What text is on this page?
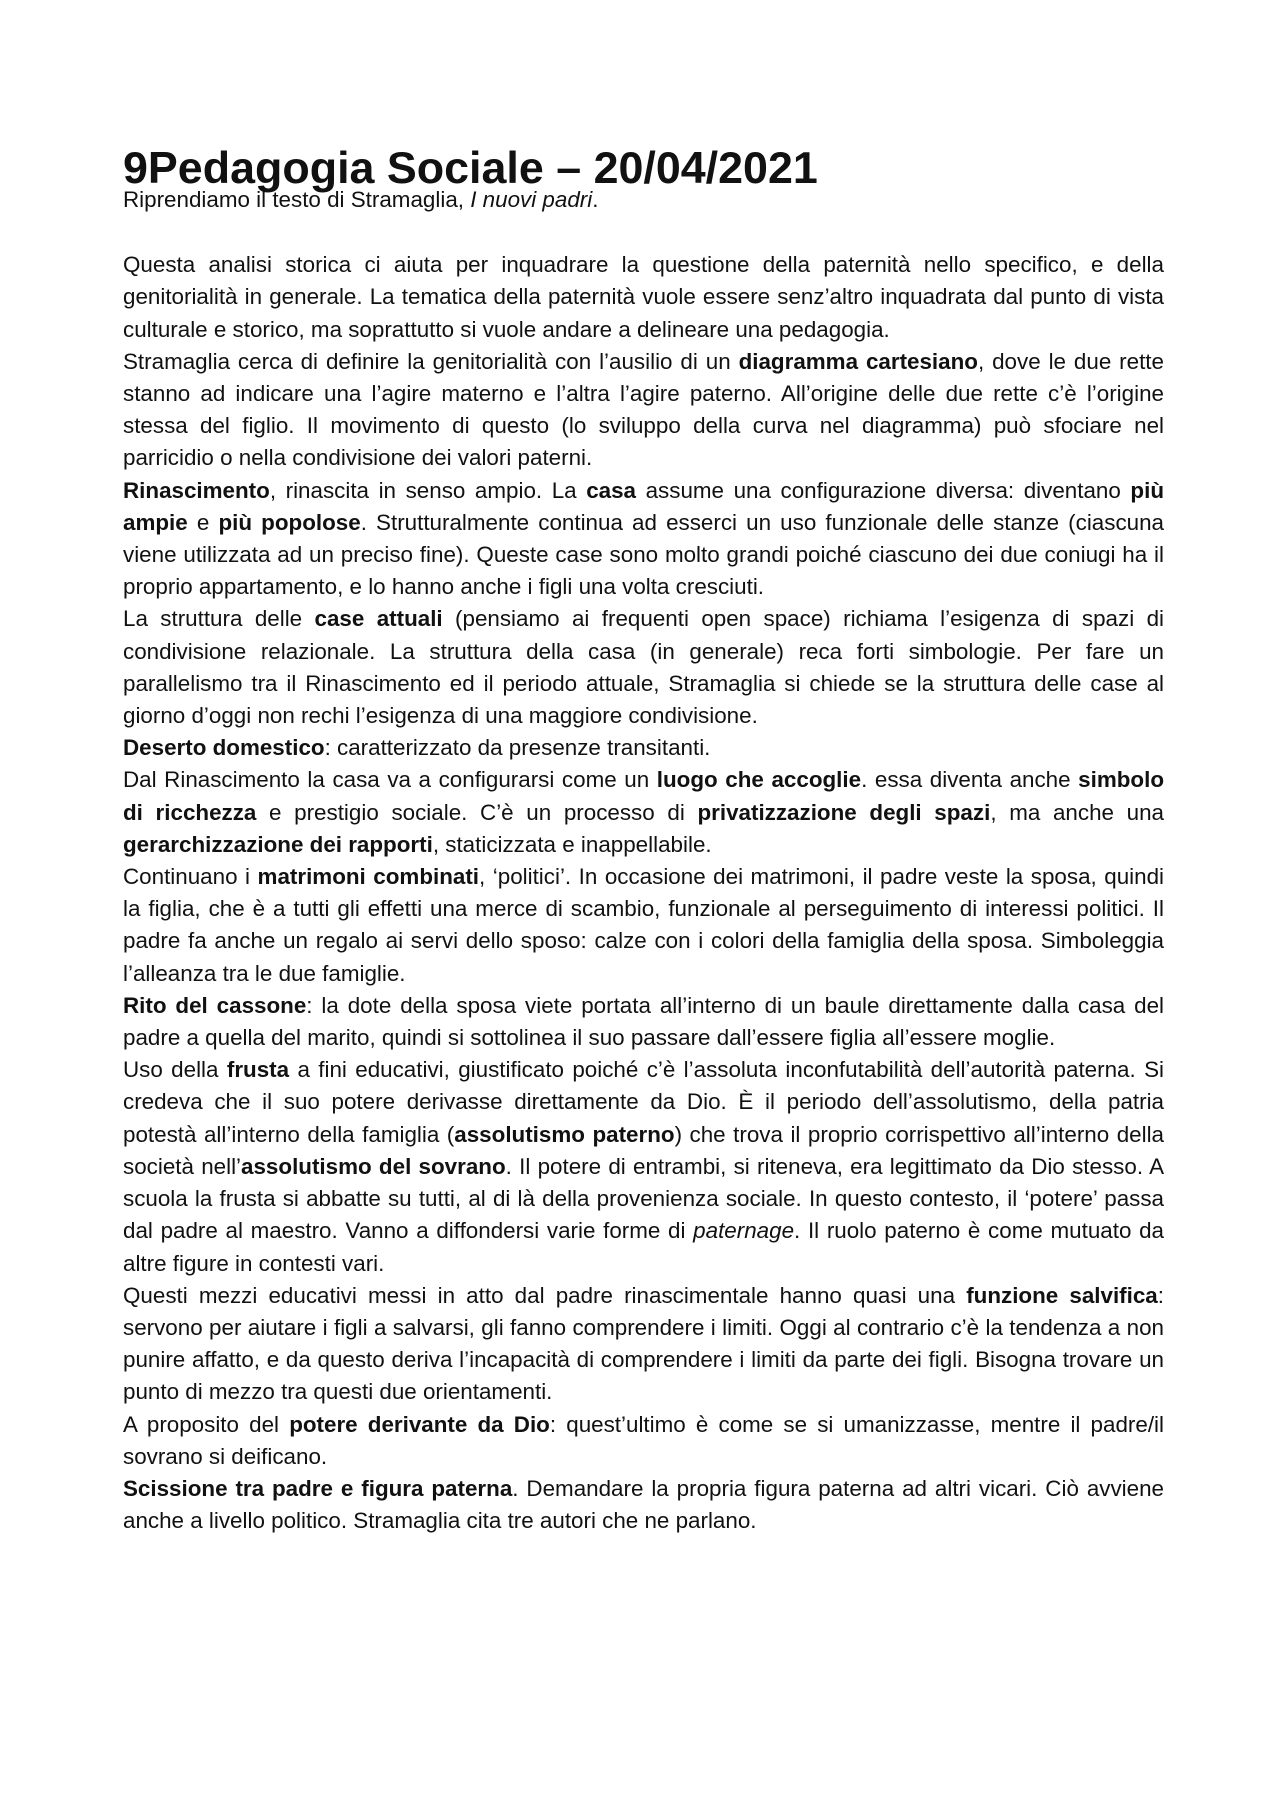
9Pedagogia Sociale – 20/04/2021

Riprendiamo il testo di Stramaglia, I nuovi padri.

Questa analisi storica ci aiuta per inquadrare la questione della paternità nello specifico, e della genitorialità in generale. La tematica della paternità vuole essere senz’altro inquadrata dal punto di vista culturale e storico, ma soprattutto si vuole andare a delineare una pedagogia.

Stramaglia cerca di definire la genitorialità con l’ausilio di un diagramma cartesiano, dove le due rette stanno ad indicare una l’agire materno e l’altra l’agire paterno. All’origine delle due rette c’è l’origine stessa del figlio. Il movimento di questo (lo sviluppo della curva nel diagramma) può sfociare nel parricidio o nella condivisione dei valori paterni.

Rinascimento, rinascita in senso ampio. La casa assume una configurazione diversa: diventano più ampie e più popolose. Strutturalmente continua ad esserci un uso funzionale delle stanze (ciascuna viene utilizzata ad un preciso fine). Queste case sono molto grandi poiché ciascuno dei due coniugi ha il proprio appartamento, e lo hanno anche i figli una volta cresciuti.

La struttura delle case attuali (pensiamo ai frequenti open space) richiama l’esigenza di spazi di condivisione relazionale. La struttura della casa (in generale) reca forti simbologie. Per fare un parallelismo tra il Rinascimento ed il periodo attuale, Stramaglia si chiede se la struttura delle case al giorno d’oggi non rechi l’esigenza di una maggiore condivisione.

Deserto domestico: caratterizzato da presenze transitanti.

Dal Rinascimento la casa va a configurarsi come un luogo che accoglie. essa diventa anche simbolo di ricchezza e prestigio sociale. C’è un processo di privatizzazione degli spazi, ma anche una gerarchizzazione dei rapporti, staticizzata e inappellabile.

Continuano i matrimoni combinati, ‘politici’. In occasione dei matrimoni, il padre veste la sposa, quindi la figlia, che è a tutti gli effetti una merce di scambio, funzionale al perseguimento di interessi politici. Il padre fa anche un regalo ai servi dello sposo: calze con i colori della famiglia della sposa. Simboleggia l’alleanza tra le due famiglie.

Rito del cassone: la dote della sposa viete portata all’interno di un baule direttamente dalla casa del padre a quella del marito, quindi si sottolinea il suo passare dall’essere figlia all’essere moglie.

Uso della frusta a fini educativi, giustificato poiché c’è l’assoluta inconfutabilità dell’autorità paterna. Si credeva che il suo potere derivasse direttamente da Dio. È il periodo dell’assolutismo, della patria potestà all’interno della famiglia (assolutismo paterno) che trova il proprio corrispettivo all’interno della società nell’assolutismo del sovrano. Il potere di entrambi, si riteneva, era legittimato da Dio stesso. A scuola la frusta si abbatte su tutti, al di là della provenienza sociale. In questo contesto, il ‘potere’ passa dal padre al maestro. Vanno a diffondersi varie forme di paternage. Il ruolo paterno è come mutuato da altre figure in contesti vari.

Questi mezzi educativi messi in atto dal padre rinascimentale hanno quasi una funzione salvifica: servono per aiutare i figli a salvarsi, gli fanno comprendere i limiti. Oggi al contrario c’è la tendenza a non punire affatto, e da questo deriva l’incapacità di comprendere i limiti da parte dei figli. Bisogna trovare un punto di mezzo tra questi due orientamenti.

A proposito del potere derivante da Dio: quest’ultimo è come se si umanizzasse, mentre il padre/il sovrano si deificano.

Scissione tra padre e figura paterna. Demandare la propria figura paterna ad altri vicari. Ciò avviene anche a livello politico. Stramaglia cita tre autori che ne parlano.
